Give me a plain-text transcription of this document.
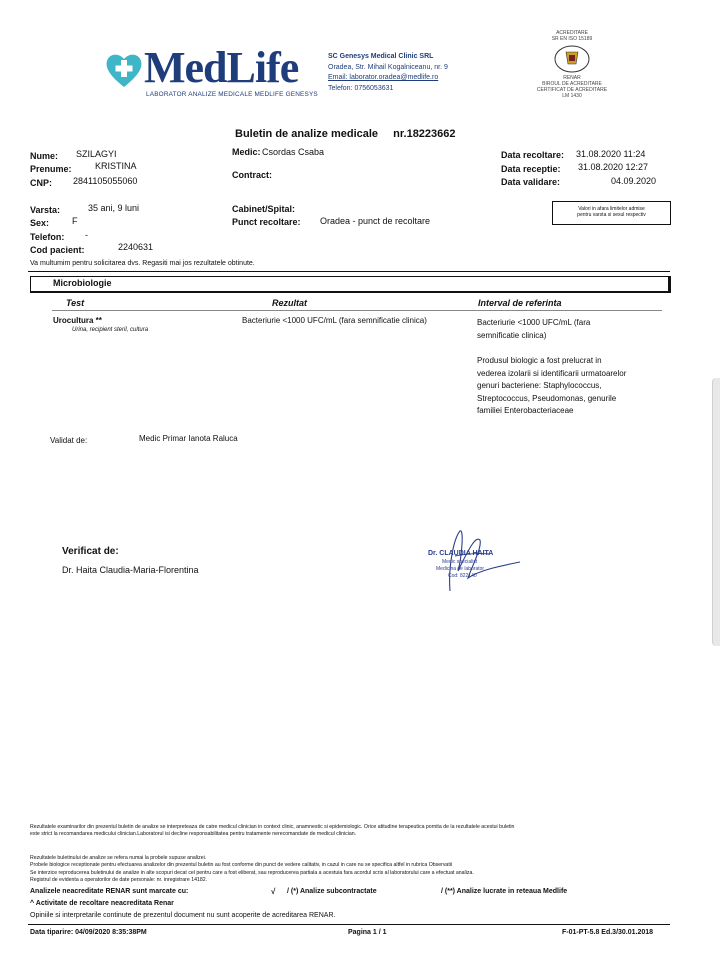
MedLife
LABORATOR ANALIZE MEDICALE MEDLIFE GENESYS
SC Genesys Medical Clinic SRL
Oradea, Str. Mihail Kogalniceanu, nr. 9
Email: laborator.oradea@medlife.ro
Telefon: 0756053631
ACREDITARE
SR EN ISO 15189
RENAR
BIROUL DE ACREDITARE
CERTIFICAT DE ACREDITARE
LM 1430
Buletin de analize medicale nr.18223662
Nume: SZILAGYI
Prenume:	KRISTINA
CNP: 2841105055060
Medic: Csordas Csaba
Contract:
Data recoltare: 31.08.2020 11:24
Data receptie: 31.08.2020 12:27
Data validare:	04.09.2020
Varsta:	35 ani, 9 luni
Sex:	F
Telefon: -
Cod pacient:	2240631
Cabinet/Spital:
Punct recoltare: Oradea - punct de recoltare
Valori in afara limitelor admise
pentru varsta si sexul respectiv
Va multumim pentru solicitarea dvs. Regasiti mai jos rezultatele obtinute.
Microbiologie
Test	Rezultat	Interval de referinta
Urocultura **
Urina, recipient steril, cultura
Bacteriurie <1000 UFC/mL (fara semnificatie clinica)	Bacteriurie <1000 UFC/mL (fara
semnificatie clinica)
Produsul biologic a fost prelucrat in vederea izolarii si identificarii urmatoarelor genuri bacteriene: Staphylococcus, Streptococcus, Pseudomonas, genurile familiei Enterobacteriaceae
Validat de:	Medic Primar Ianota Raluca
Verificat de:
Dr. Haita Claudia-Maria-Florentina
Dr. CLAUDIA HAITA
Medic specialist
Medicina de laborator
Cod: 822140
Rezultatele examinarilor din prezentul buletin de analize se interpreteaza de catre medicul clinician in context clinic, anamnestic si epidemiologic. Orice atitudine terapeutica pornita de la rezultatele acestui buletin
este strict la recomandarea medicului clinician.Laboratorul isi decline responsabilitatea pentru tratamente nerecomandate de medicul clinician.
Rezultatele buletinului de analize se refera numai la probele supuse analizei.
Probele biologice receptionate pentru efectuarea analizelor din prezentul buletin au fost conforme din punct de vedere calitativ, in cazul in care nu se specifica altfel in rubrica Observatii
Se interzice reproducerea buletinului de analize in alte scopuri decat cel pentru care a fost eliberat, sau reproducerea partiala a acestuia fara acordul scris al laboratorului care a efectuat analiza.
Registrul de evidenta a operatorilor de date personale: nr. inregistrare 14182.
Analizele neacreditate RENAR sunt marcate cu:	√ / (*) Analize subcontractate	/ (**) Analize lucrate in reteaua Medlife
^ Activitate de recoltare neacreditata Renar
Opiniile si interpretarile continute de prezentul document nu sunt acoperite de acreditarea RENAR.
Data tiparire: 04/09/2020 8:35:38PM	Pagina 1 / 1	F-01-PT-5.8 Ed.3/30.01.2018
